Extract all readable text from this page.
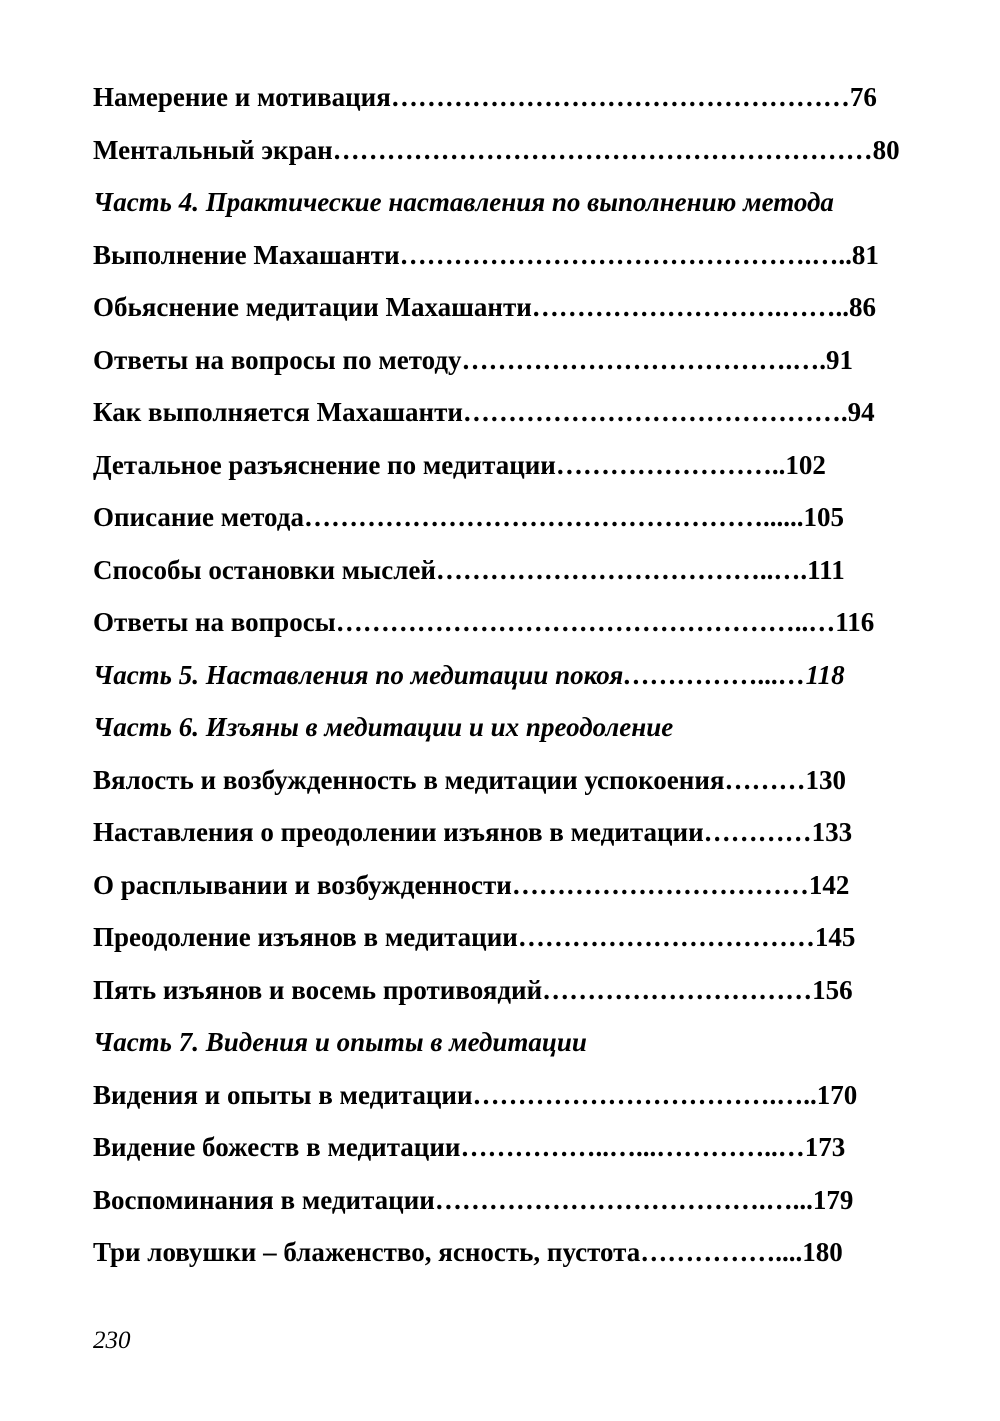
Намерение и мотивация……………………………………………76
Ментальный экран……………………………………………………80
Часть 4. Практические наставления по выполнению метода
Выполнение Махашанти……………………………………….…..81
Обьяснение медитации Махашанти……………………….……..86
Ответы на вопросы по методу……………………………….….91
Как выполняется Махашанти…………………………………….94
Детальное разъяснение по медитации……………………..102
Описание метода……………………………………………......105
Способы остановки мыслей………………………………..….111
Ответы на вопросы……………………………………………..…116
Часть 5. Наставления по медитации покоя……………...…118
Часть 6. Изъяны в медитации и их преодоление
Вялость и возбужденность в медитации успокоения………130
Наставления о преодолении изъянов в медитации…………133
О расплывании и возбужденности……………………………142
Преодоление изъянов в медитации……………………………145
Пять изъянов и восемь противоядий…………………………156
Часть 7. Видения и опыты в медитации
Видения и опыты в медитации…………………………….…..170
Видение божеств в медитации……………..…...…………..…173
Воспоминания в медитации……………………………….…...179
Три ловушки – блаженство, ясность, пустота……………....180
230
